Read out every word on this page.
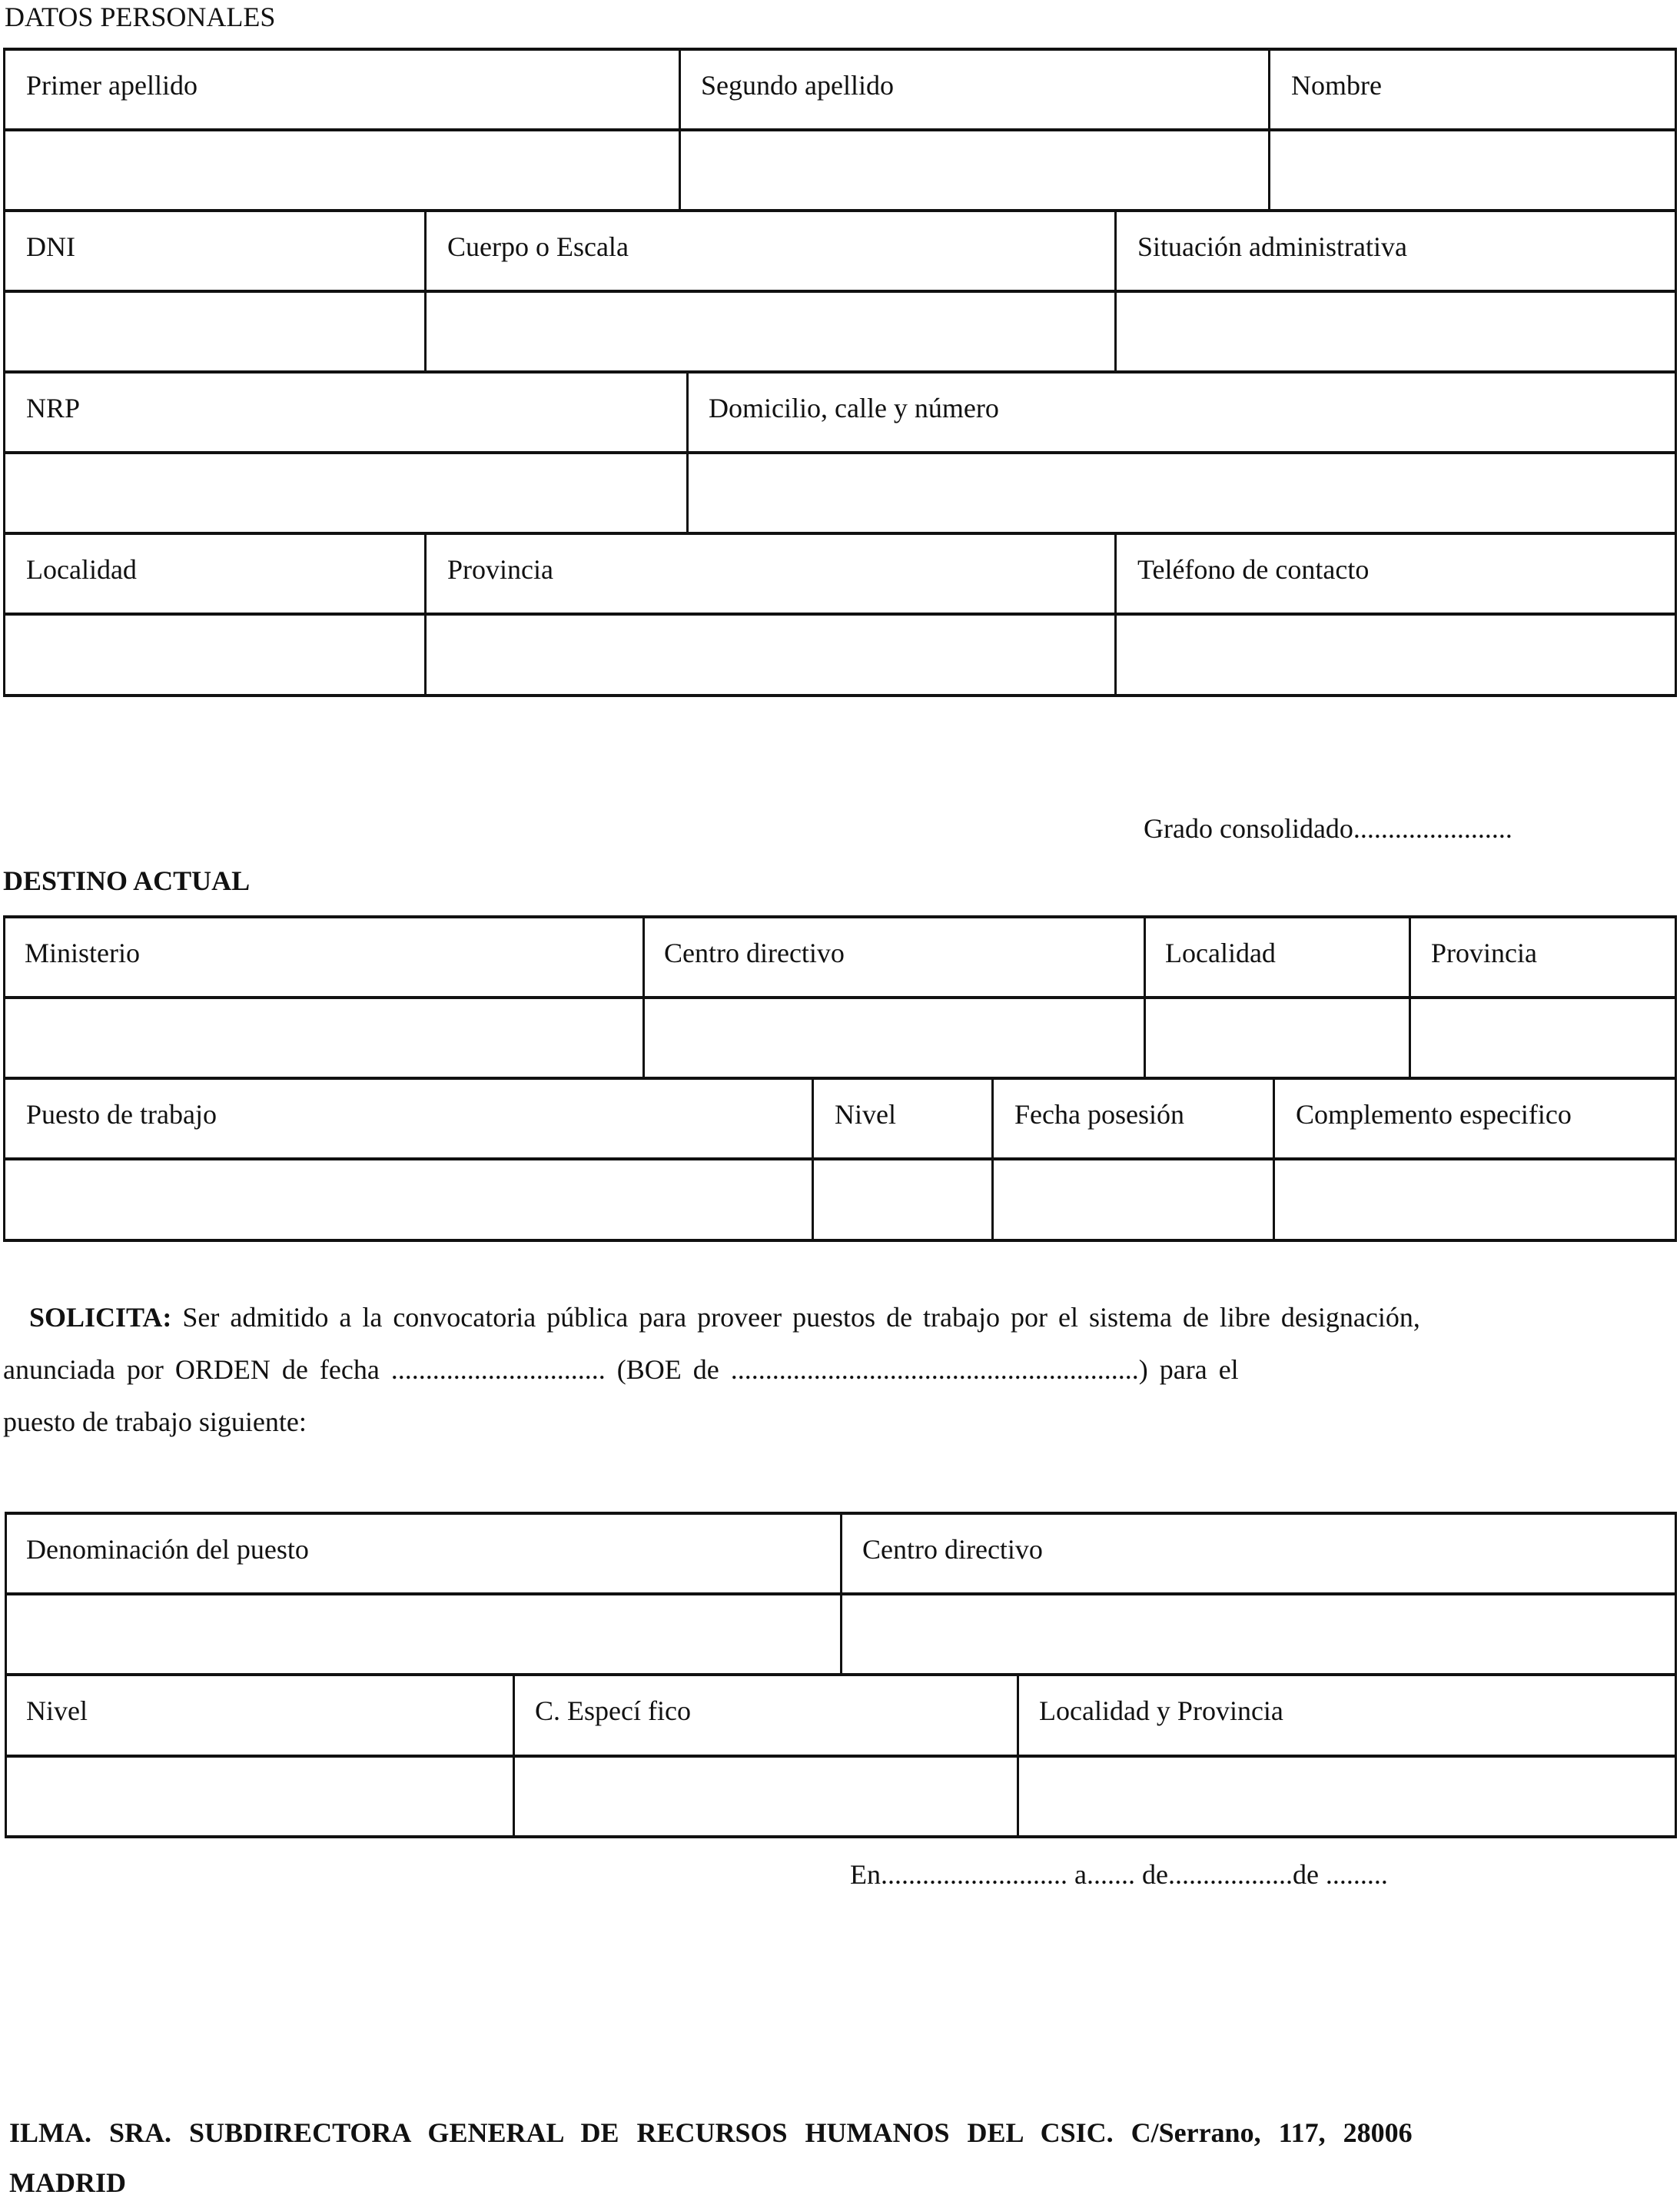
DATOS PERSONALES
Primer apellido	Segundo apellido	Nombre
DNI	Cuerpo o Escala	Situación administrativa
NRP	Domicilio, calle y número
Localidad	Provincia	Teléfono de contacto
Grado consolidado.......................
DESTINO ACTUAL
Ministerio	Centro directivo	Localidad	Provincia
Puesto de trabajo	Nivel	Fecha posesión	Complemento especifico
SOLICITA: Ser admitido a la convocatoria pública para proveer puestos de trabajo por el sistema de libre designación,
anunciada por ORDEN de fecha ............................... (BOE de ...........................................................) para el
puesto de trabajo siguiente:
Denominación del puesto	Centro directivo
Nivel	C. Especí fico	Localidad y Provincia
En........................... a....... de..................de .........
ILMA. SRA. SUBDIRECTORA GENERAL DE RECURSOS HUMANOS DEL CSIC. C/Serrano, 117, 28006
MADRID
